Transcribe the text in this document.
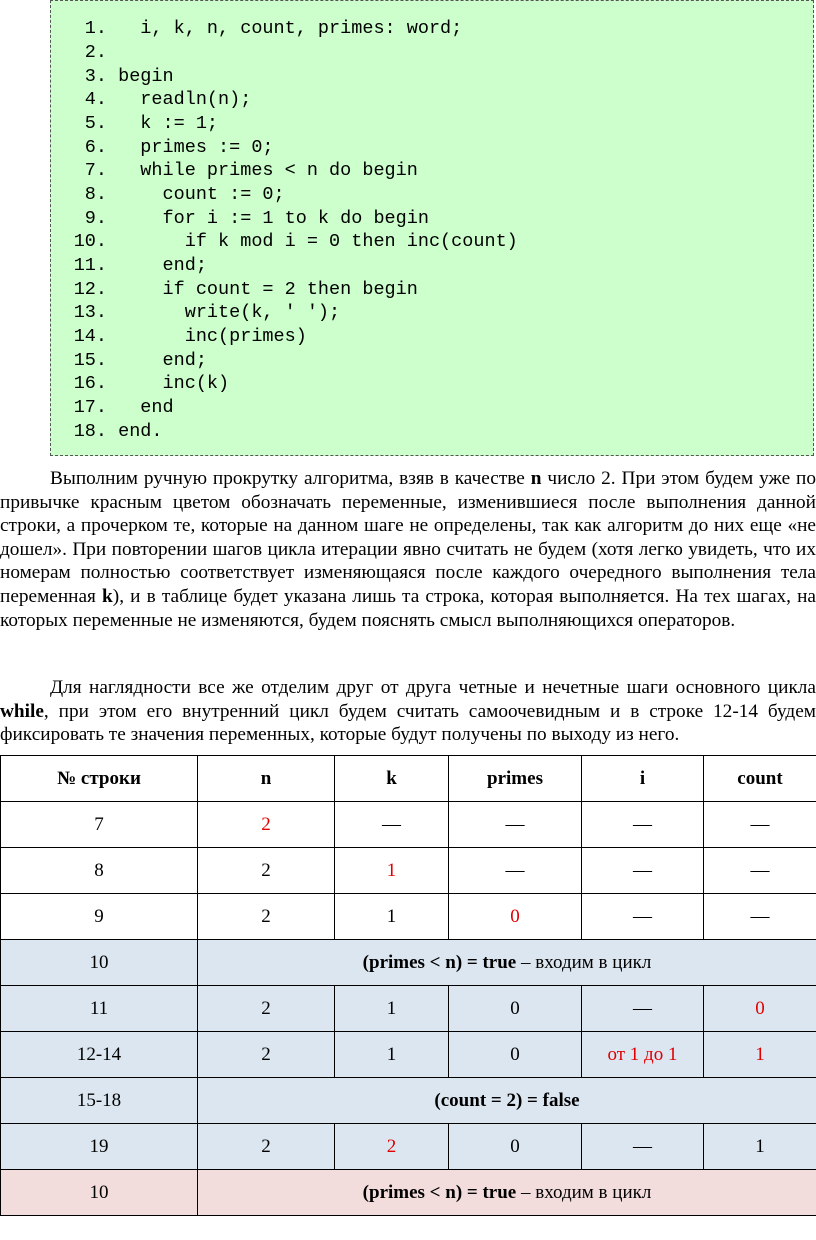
1.   i, k, n, count, primes: word;
2.
3. begin
4.   readln(n);
5.   k := 1;
6.   primes := 0;
7.   while primes < n do begin
8.     count := 0;
9.     for i := 1 to k do begin
10.       if k mod i = 0 then inc(count)
11.     end;
12.     if count = 2 then begin
13.       write(k, ' ');
14.       inc(primes)
15.     end;
16.     inc(k)
17.   end
18. end.

Выполним ручную прокрутку алгоритма, взяв в качестве n число 2. При этом будем уже по привычке красным цветом обозначать переменные, изменившиеся после выполнения данной строки, а прочерком те, которые на данном шаге не определены, так как алгоритм до них еще «не дошел». При повторении шагов цикла итерации явно считать не будем (хотя легко увидеть, что их номерам полностью соответствует изменяющаяся после каждого очередного выполнения тела переменная k), и в таблице будет указана лишь та строка, которая выполняется. На тех шагах, на которых переменные не изменяются, будем пояснять смысл выполняющихся операторов.

Для наглядности все же отделим друг от друга четные и нечетные шаги основного цикла while, при этом его внутренний цикл будем считать самоочевидным и в строке 12-14 будем фиксировать те значения переменных, которые будут получены по выходу из него.

№ строки	n	k	primes	i	count
7	2	—	—	—	—
8	2	1	—	—	—
9	2	1	0	—	—
10	(primes < n) = true – входим в цикл				
11	2	1	0	—	0
12-14	2	1	0	от 1 до 1	1
15-18	(count = 2) = false				
19	2	2	0	—	1
10	(primes < n) = true – входим в цикл				
